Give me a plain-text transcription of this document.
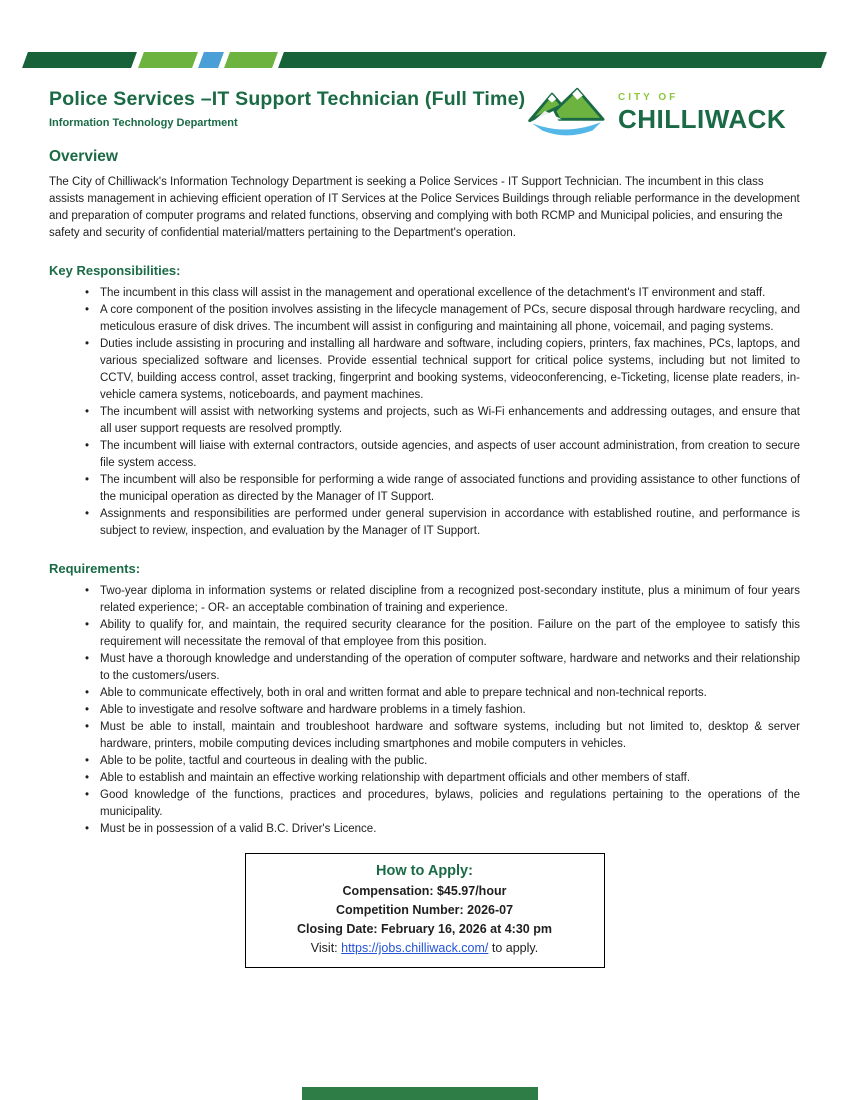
Police Services –IT Support Technician (Full Time)
Information Technology Department
CITY OF
CHILLIWACK
Overview

The City of Chilliwack's Information Technology Department is seeking a Police Services - IT Support Technician. The incumbent in this class assists management in achieving efficient operation of IT Services at the Police Services Buildings through reliable performance in the development and preparation of computer programs and related functions, observing and complying with both RCMP and Municipal policies, and ensuring the safety and security of confidential material/matters pertaining to the Department's operation.

Key Responsibilities:
• The incumbent in this class will assist in the management and operational excellence of the detachment's IT environment and staff.
• A core component of the position involves assisting in the lifecycle management of PCs, secure disposal through hardware recycling, and meticulous erasure of disk drives. The incumbent will assist in configuring and maintaining all phone, voicemail, and paging systems.
• Duties include assisting in procuring and installing all hardware and software, including copiers, printers, fax machines, PCs, laptops, and various specialized software and licenses. Provide essential technical support for critical police systems, including but not limited to CCTV, building access control, asset tracking, fingerprint and booking systems, videoconferencing, e-Ticketing, license plate readers, in-vehicle camera systems, noticeboards, and payment machines.
• The incumbent will assist with networking systems and projects, such as Wi-Fi enhancements and addressing outages, and ensure that all user support requests are resolved promptly.
• The incumbent will liaise with external contractors, outside agencies, and aspects of user account administration, from creation to secure file system access.
• The incumbent will also be responsible for performing a wide range of associated functions and providing assistance to other functions of the municipal operation as directed by the Manager of IT Support.
• Assignments and responsibilities are performed under general supervision in accordance with established routine, and performance is subject to review, inspection, and evaluation by the Manager of IT Support.
Requirements:
• Two-year diploma in information systems or related discipline from a recognized post-secondary institute, plus a minimum of four years related experience; - OR- an acceptable combination of training and experience.
• Ability to qualify for, and maintain, the required security clearance for the position. Failure on the part of the employee to satisfy this requirement will necessitate the removal of that employee from this position.
• Must have a thorough knowledge and understanding of the operation of computer software, hardware and networks and their relationship to the customers/users.
• Able to communicate effectively, both in oral and written format and able to prepare technical and non-technical reports.
• Able to investigate and resolve software and hardware problems in a timely fashion.
• Must be able to install, maintain and troubleshoot hardware and software systems, including but not limited to, desktop & server hardware, printers, mobile computing devices including smartphones and mobile computers in vehicles.
• Able to be polite, tactful and courteous in dealing with the public.
• Able to establish and maintain an effective working relationship with department officials and other members of staff.
• Good knowledge of the functions, practices and procedures, bylaws, policies and regulations pertaining to the operations of the municipality.
• Must be in possession of a valid B.C. Driver's Licence.
How to Apply:
Compensation: $45.97/hour
Competition Number: 2026-07
Closing Date: February 16, 2026 at 4:30 pm
Visit: https://jobs.chilliwack.com/ to apply.
